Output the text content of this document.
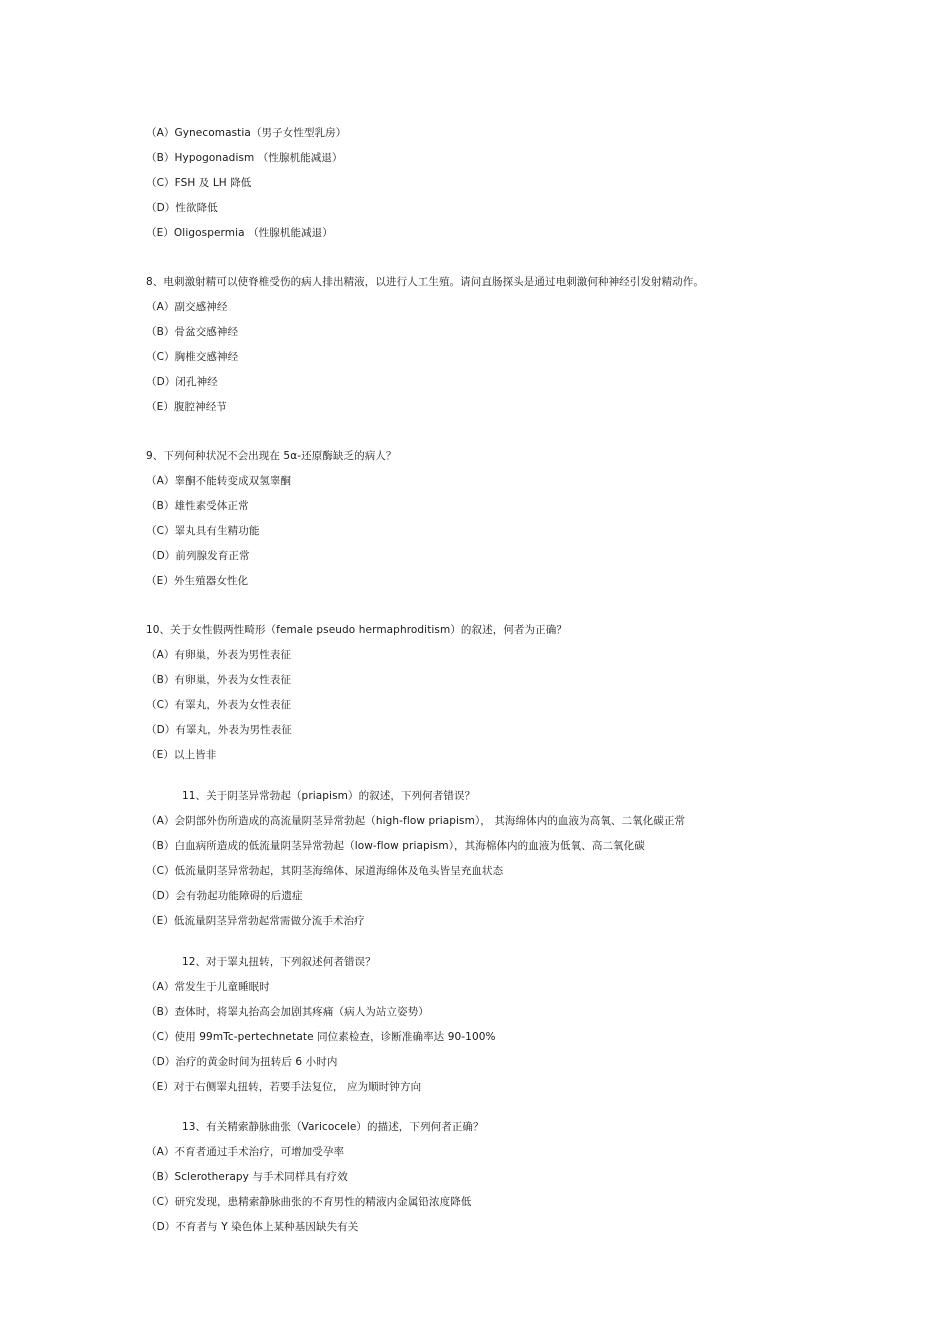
（A）Gynecomastia（男子女性型乳房）
（B）Hypogonadism （性腺机能减退）
（C）FSH 及 LH 降低
（D）性欲降低
（E）Oligospermia （性腺机能减退）
8、电刺激射精可以使脊椎受伤的病人排出精液，以进行人工生殖。请问直肠探头是通过电刺激何种神经引发射精动作。
（A）副交感神经
（B）骨盆交感神经
（C）胸椎交感神经
（D）闭孔神经
（E）腹腔神经节
9、下列何种状况不会出现在 5α-还原酶缺乏的病人？
（A）睾酮不能转变成双氢睾酮
（B）雄性素受体正常
（C）睪丸具有生精功能
（D）前列腺发育正常
（E）外生殖器女性化
10、关于女性假两性畸形（female pseudo hermaphroditism）的叙述，何者为正确？
（A）有卵巢，外表为男性表征
（B）有卵巢，外表为女性表征
（C）有睪丸，外表为女性表征
（D）有睪丸，外表为男性表征
（E）以上皆非
11、关于阴茎异常勃起（priapism）的叙述，下列何者错误？
（A）会阴部外伤所造成的高流量阴茎异常勃起（high-flow priapism）， 其海绵体内的血液为高氧、二氧化碳正常
（B）白血病所造成的低流量阴茎异常勃起（low-flow priapism），其海棉体内的血液为低氧、高二氧化碳
（C）低流量阴茎异常勃起，其阴茎海绵体、尿道海绵体及龟头皆呈充血状态
（D）会有勃起功能障碍的后遗症
（E）低流量阴茎异常勃起常需做分流手术治疗
12、对于睪丸扭转，下列叙述何者错误？
（A）常发生于儿童睡眠时
（B）查体时，将睪丸抬高会加剧其疼痛（病人为站立姿势）
（C）使用 99mTc-pertechnetate 同位素检查，诊断准确率达 90-100%
（D）治疗的黄金时间为扭转后 6 小时内
（E）对于右侧睪丸扭转，若要手法复位， 应为顺时钟方向
13、有关精索静脉曲张（Varicocele）的描述，下列何者正确？
（A）不育者通过手术治疗，可增加受孕率
（B）Sclerotherapy 与手术同样具有疗效
（C）研究发现，患精索静脉曲张的不育男性的精液内金属铅浓度降低
（D）不育者与 Y 染色体上某种基因缺失有关
